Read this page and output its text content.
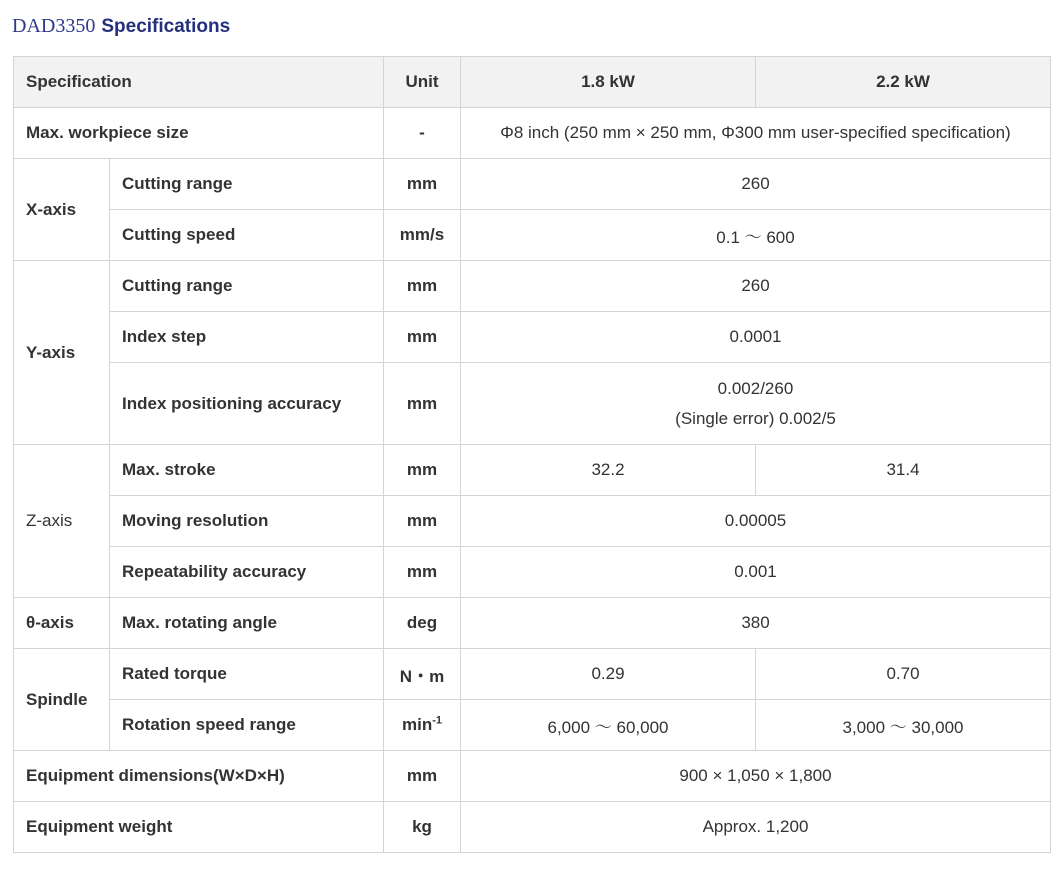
DAD3350 Specifications
Specification		Unit	1.8 kW	2.2 kW
Max. workpiece size		-	Φ8 inch (250 mm × 250 mm, Φ300 mm user-specified specification)	
X-axis	Cutting range	mm	260	
	Cutting speed	mm/s	0.1 ～ 600	
Y-axis	Cutting range	mm	260	
	Index step	mm	0.0001	
	Index positioning accuracy	mm	0.002/260
(Single error) 0.002/5	

Z-axis	Max. stroke	mm	32.2	31.4
	Moving resolution	mm	0.00005	
	Repeatability accuracy	mm	0.001	
θ-axis	Max. rotating angle	deg	380	
Spindle	Rated torque	N・m	0.29	0.70
	Rotation speed range	$\min^{-1}$	6,000 ～ 60,000	3,000 ～ 30,000
Equipment dimensions(W×D×H)		mm	900 × 1,050 × 1,800	
Equipment weight		kg	Approx. 1,200	
